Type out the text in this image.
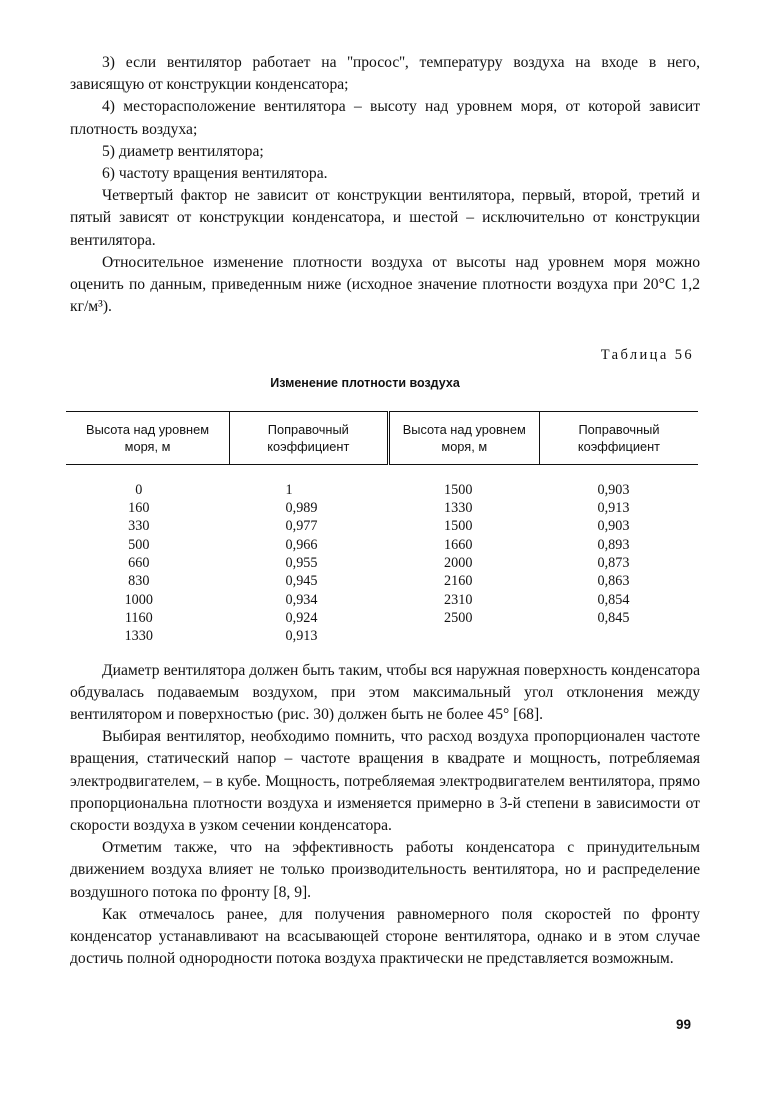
3) если вентилятор работает на ''просос'', температуру воздуха на входе в него, зависящую от конструкции конденсатора;

4) месторасположение вентилятора – высоту над уровнем моря, от которой зависит плотность воздуха;

5) диаметр вентилятора;

6) частоту вращения вентилятора.

Четвертый фактор не зависит от конструкции вентилятора, первый, второй, третий и пятый зависят от конструкции конденсатора, и шестой – исключительно от конструкции вентилятора.

Относительное изменение плотности воздуха от высоты над уровнем моря можно оценить по данным, приведенным ниже (исходное значение плотности воздуха при 20°C 1,2 кг/м³).

Таблица 56
Изменение плотности воздуха
Высота над уровнем моря, м	Поправочный коэффициент	Высота над уровнем моря, м	Поправочный коэффициент
0	1	1500	0,903
160	0,989	1330	0,913
330	0,977	1500	0,903
500	0,966	1660	0,893
660	0,955	2000	0,873
830	0,945	2160	0,863
1000	0,934	2310	0,854
1160	0,924	2500	0,845
1330	0,913		

Диаметр вентилятора должен быть таким, чтобы вся наружная поверхность конденсатора обдувалась подаваемым воздухом, при этом максимальный угол отклонения между вентилятором и поверхностью (рис. 30) должен быть не более 45° [68].

Выбирая вентилятор, необходимо помнить, что расход воздуха пропорционален частоте вращения, статический напор – частоте вращения в квадрате и мощность, потребляемая электродвигателем, – в кубе. Мощность, потребляемая электродвигателем вентилятора, прямо пропорциональна плотности воздуха и изменяется примерно в 3-й степени в зависимости от скорости воздуха в узком сечении конденсатора.

Отметим также, что на эффективность работы конденсатора с принудительным движением воздуха влияет не только производительность вентилятора, но и распределение воздушного потока по фронту [8, 9].

Как отмечалось ранее, для получения равномерного поля скоростей по фронту конденсатор устанавливают на всасывающей стороне вентилятора, однако и в этом случае достичь полной однородности потока воздуха практически не представляется возможным.

99
